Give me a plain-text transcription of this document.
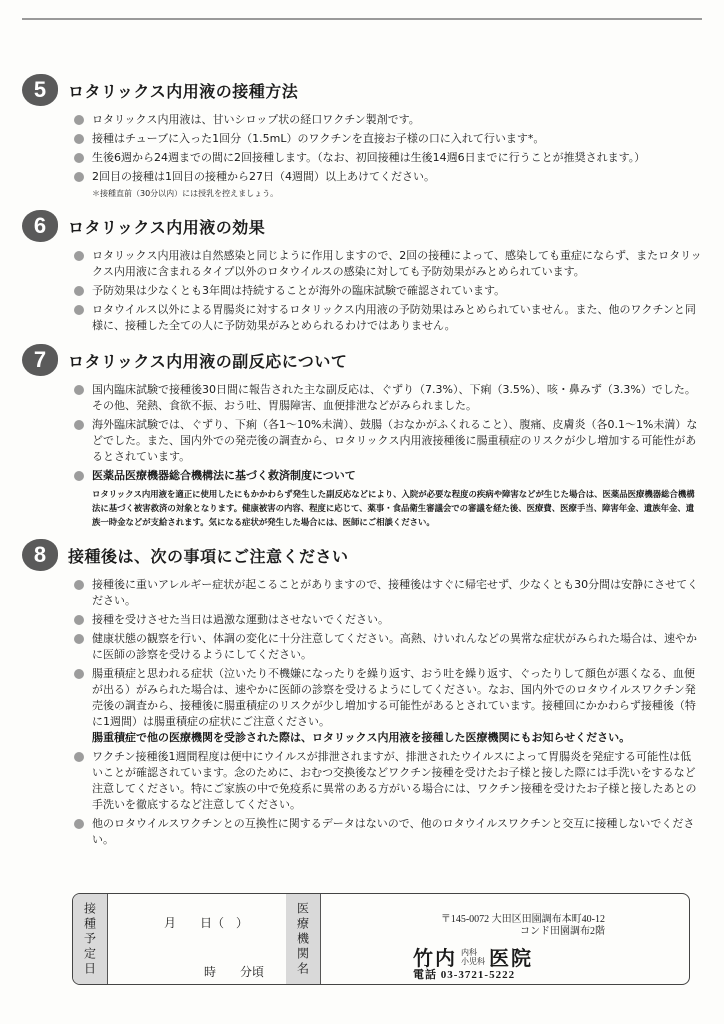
5	ロタリックス内用液の接種方法
ロタリックス内用液は、甘いシロップ状の経口ワクチン製剤です。
接種はチューブに入った1回分（1.5mL）のワクチンを直接お子様の口に入れて行います*。
生後6週から24週までの間に2回接種します。（なお、初回接種は生後14週6日までに行うことが推奨されます。）
2回目の接種は1回目の接種から27日（4週間）以上あけてください。
＊接種直前（30分以内）には授乳を控えましょう。
6	ロタリックス内用液の効果
ロタリックス内用液は自然感染と同じように作用しますので、2回の接種によって、感染しても重症にならず、またロタリックス内用液に含まれるタイプ以外のロタウイルスの感染に対しても予防効果がみとめられています。
予防効果は少なくとも3年間は持続することが海外の臨床試験で確認されています。
ロタウイルス以外による胃腸炎に対するロタリックス内用液の予防効果はみとめられていません。また、他のワクチンと同様に、接種した全ての人に予防効果がみとめられるわけではありません。
7	ロタリックス内用液の副反応について
国内臨床試験で接種後30日間に報告された主な副反応は、ぐずり（7.3%）、下痢（3.5%）、咳・鼻みず（3.3%）でした。その他、発熱、食欲不振、おう吐、胃腸障害、血便排泄などがみられました。
海外臨床試験では、ぐずり、下痢（各1〜10%未満）、鼓腸（おなかがふくれること）、腹痛、皮膚炎（各0.1〜1%未満）などでした。また、国内外での発売後の調査から、ロタリックス内用液接種後に腸重積症のリスクが少し増加する可能性があるとされています。
医薬品医療機器総合機構法に基づく救済制度について
ロタリックス内用液を適正に使用したにもかかわらず発生した副反応などにより、入院が必要な程度の疾病や障害などが生じた場合は、医薬品医療機器総合機構法に基づく被害救済の対象となります。健康被害の内容、程度に応じて、薬事・食品衛生審議会での審議を経た後、医療費、医療手当、障害年金、遺族年金、遺族一時金などが支給されます。気になる症状が発生した場合には、医師にご相談ください。
8	接種後は、次の事項にご注意ください
接種後に重いアレルギー症状が起こることがありますので、接種後はすぐに帰宅せず、少なくとも30分間は安静にさせてください。
接種を受けさせた当日は過激な運動はさせないでください。
健康状態の観察を行い、体調の変化に十分注意してください。高熱、けいれんなどの異常な症状がみられた場合は、速やかに医師の診察を受けるようにしてください。
腸重積症と思われる症状（泣いたり不機嫌になったりを繰り返す、おう吐を繰り返す、ぐったりして顔色が悪くなる、血便が出る）がみられた場合は、速やかに医師の診察を受けるようにしてください。なお、国内外でのロタウイルスワクチン発売後の調査から、接種後に腸重積症のリスクが少し増加する可能性があるとされています。接種回にかかわらず接種後（特に1週間）は腸重積症の症状にご注意ください。
腸重積症で他の医療機関を受診された際は、ロタリックス内用液を接種した医療機関にもお知らせください。
ワクチン接種後1週間程度は便中にウイルスが排泄されますが、排泄されたウイルスによって胃腸炎を発症する可能性は低いことが確認されています。念のために、おむつ交換後などワクチン接種を受けたお子様と接した際には手洗いをするなど注意してください。特にご家族の中で免疫系に異常のある方がいる場合には、ワクチン接種を受けたお子様と接したあとの手洗いを徹底するなど注意してください。
他のロタウイルスワクチンとの互換性に関するデータはないので、他のロタウイルスワクチンと交互に接種しないでください。
接種予定日	月　　日（　）
時　　分頃	医療機関名	〒145-0072 大田区田園調布本町40-12
コンド田園調布2階
竹内 内科
小児科 医院
電話 03-3721-5222
